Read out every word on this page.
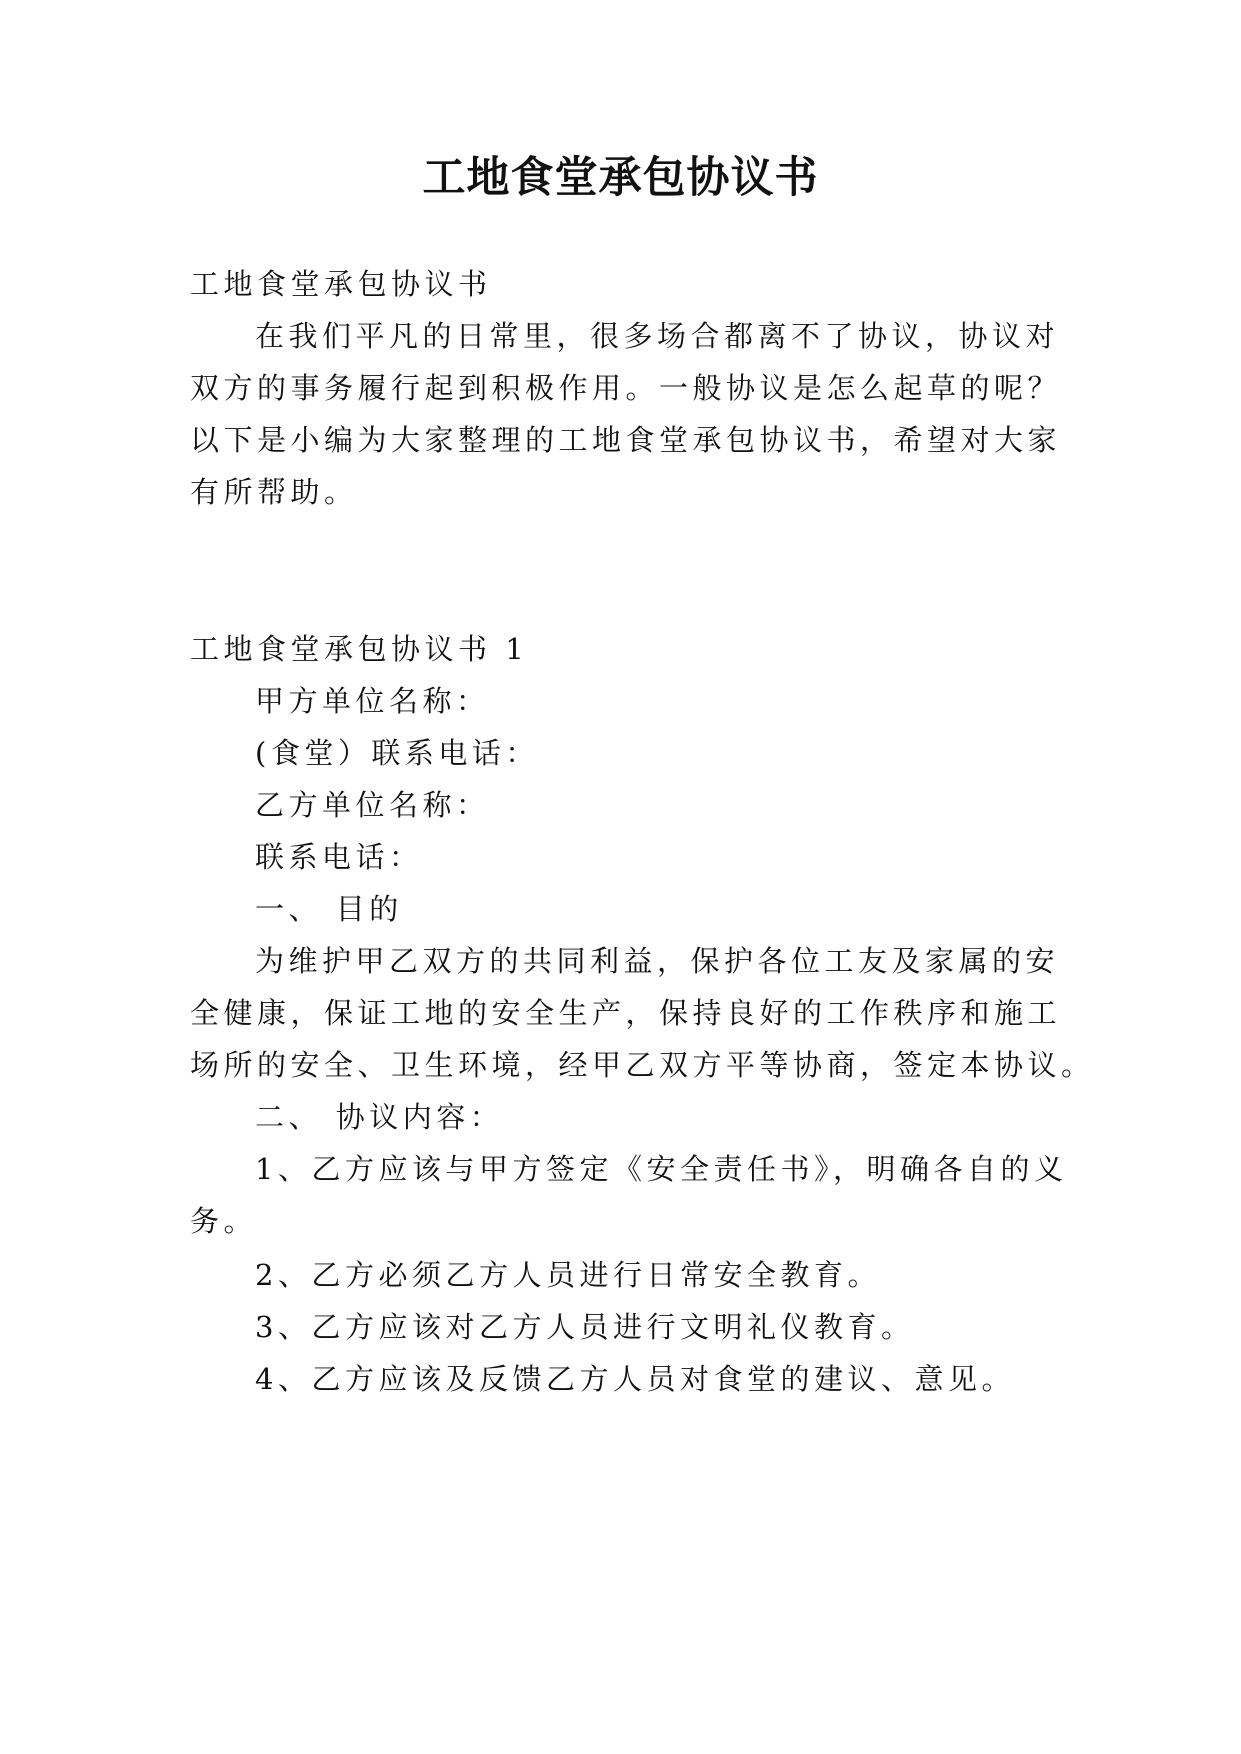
工地食堂承包协议书

工地食堂承包协议书

在我们平凡的日常里，很多场合都离不了协议，协议对

双方的事务履行起到积极作用。一般协议是怎么起草的呢？

以下是小编为大家整理的工地食堂承包协议书，希望对大家

有所帮助。

工地食堂承包协议书 1

甲方单位名称：

(食堂）联系电话：

乙方单位名称：

联系电话：

一、 目的

为维护甲乙双方的共同利益，保护各位工友及家属的安

全健康，保证工地的安全生产，保持良好的工作秩序和施工

场所的安全、卫生环境，经甲乙双方平等协商，签定本协议。

二、 协议内容：

1、乙方应该与甲方签定《安全责任书》，明确各自的义

务。

2、乙方必须乙方人员进行日常安全教育。

3、乙方应该对乙方人员进行文明礼仪教育。

4、乙方应该及反馈乙方人员对食堂的建议、意见。
